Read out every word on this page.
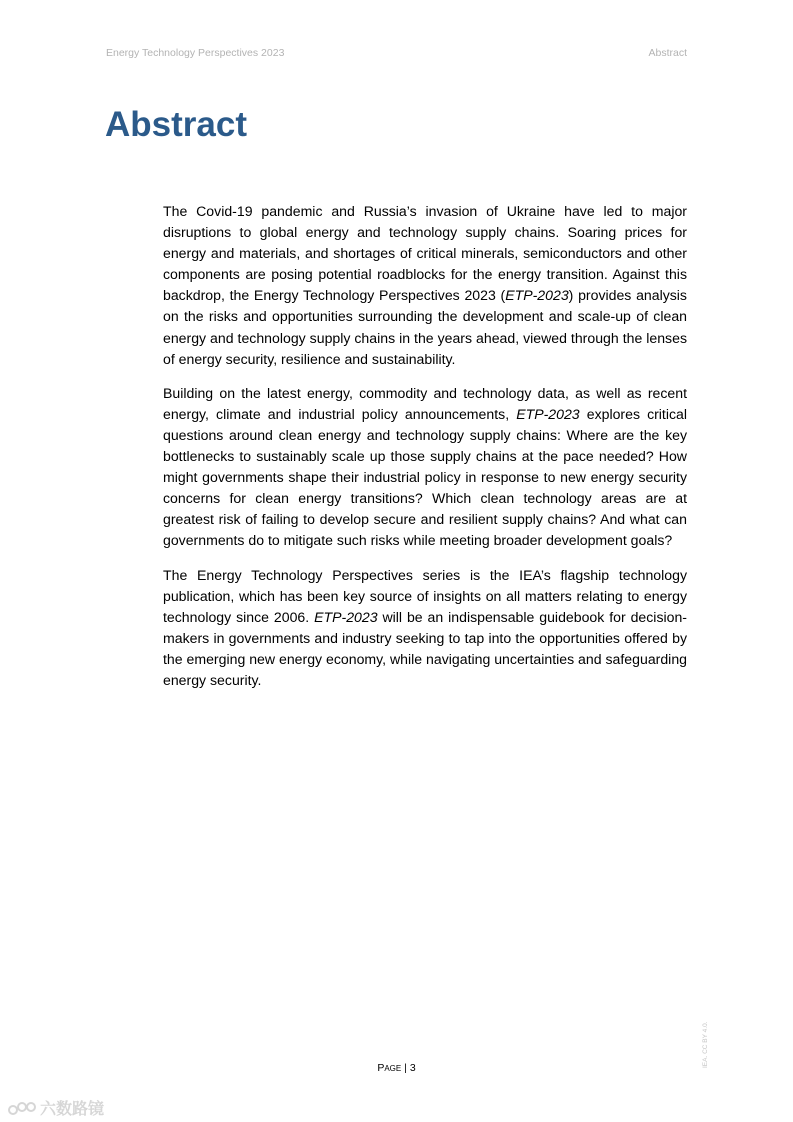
Energy Technology Perspectives 2023	Abstract
Abstract

The Covid-19 pandemic and Russia’s invasion of Ukraine have led to major disruptions to global energy and technology supply chains. Soaring prices for energy and materials, and shortages of critical minerals, semiconductors and other components are posing potential roadblocks for the energy transition. Against this backdrop, the Energy Technology Perspectives 2023 (ETP-2023) provides analysis on the risks and opportunities surrounding the development and scale-up of clean energy and technology supply chains in the years ahead, viewed through the lenses of energy security, resilience and sustainability.

Building on the latest energy, commodity and technology data, as well as recent energy, climate and industrial policy announcements, ETP-2023 explores critical questions around clean energy and technology supply chains: Where are the key bottlenecks to sustainably scale up those supply chains at the pace needed? How might governments shape their industrial policy in response to new energy security concerns for clean energy transitions? Which clean technology areas are at greatest risk of failing to develop secure and resilient supply chains? And what can governments do to mitigate such risks while meeting broader development goals?

The Energy Technology Perspectives series is the IEA’s flagship technology publication, which has been key source of insights on all matters relating to energy technology since 2006. ETP-2023 will be an indispensable guidebook for decision-makers in governments and industry seeking to tap into the opportunities offered by the emerging new energy economy, while navigating uncertainties and safeguarding energy security.

PAGE | 3	IEA. CC BY 4.0.
六数路镜
